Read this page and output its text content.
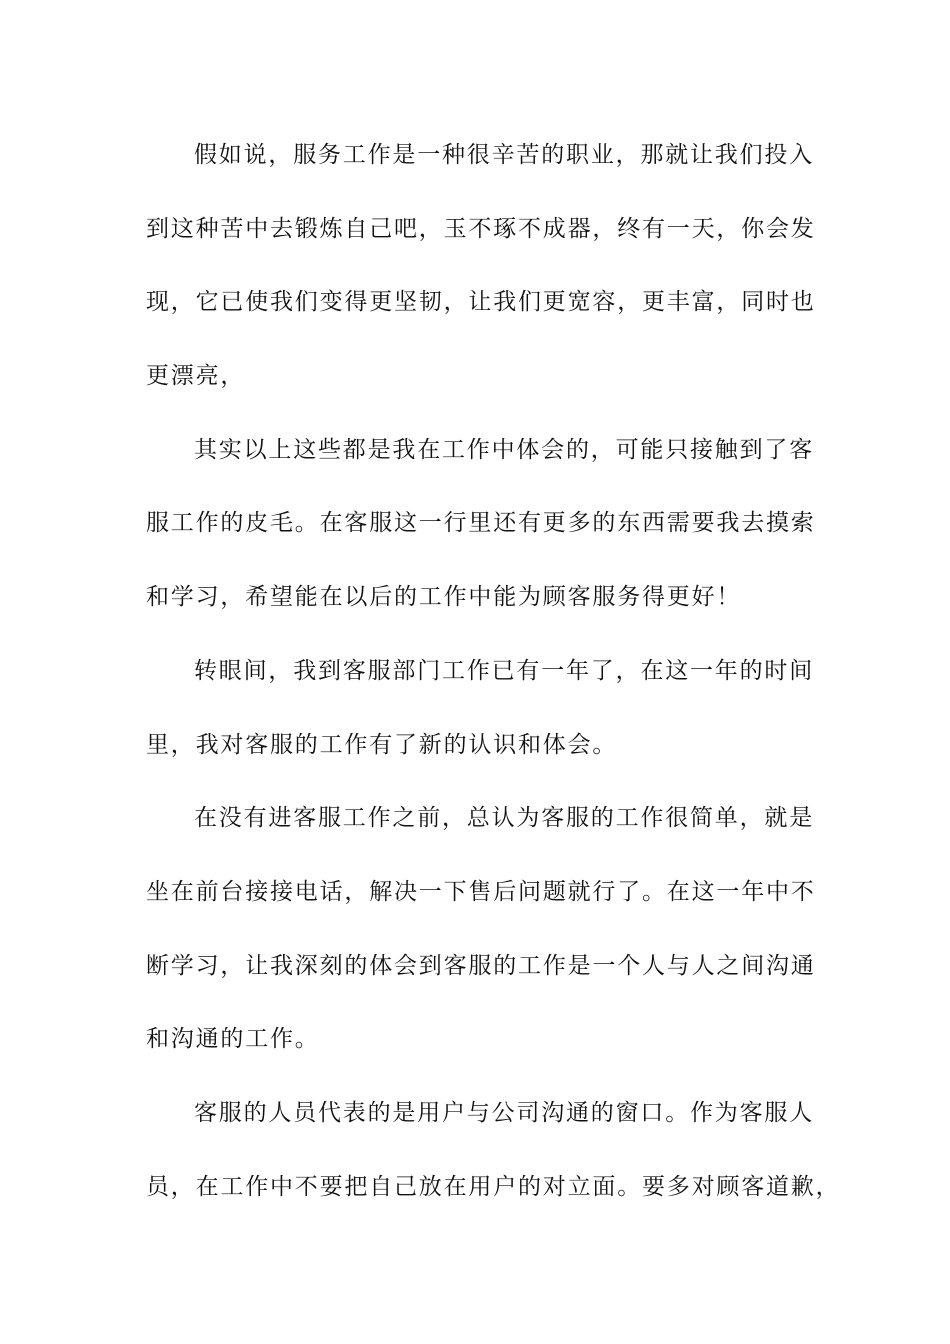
假如说，服务工作是一种很辛苦的职业，那就让我们投入
到这种苦中去锻炼自己吧，玉不琢不成器，终有一天，你会发
现，它已使我们变得更坚韧，让我们更宽容，更丰富，同时也
更漂亮，
其实以上这些都是我在工作中体会的，可能只接触到了客
服工作的皮毛。在客服这一行里还有更多的东西需要我去摸索
和学习，希望能在以后的工作中能为顾客服务得更好！
转眼间，我到客服部门工作已有一年了，在这一年的时间
里，我对客服的工作有了新的认识和体会。
在没有进客服工作之前，总认为客服的工作很简单，就是
坐在前台接接电话，解决一下售后问题就行了。在这一年中不
断学习，让我深刻的体会到客服的工作是一个人与人之间沟通
和沟通的工作。
客服的人员代表的是用户与公司沟通的窗口。作为客服人
员，在工作中不要把自己放在用户的对立面。要多对顾客道歉，
